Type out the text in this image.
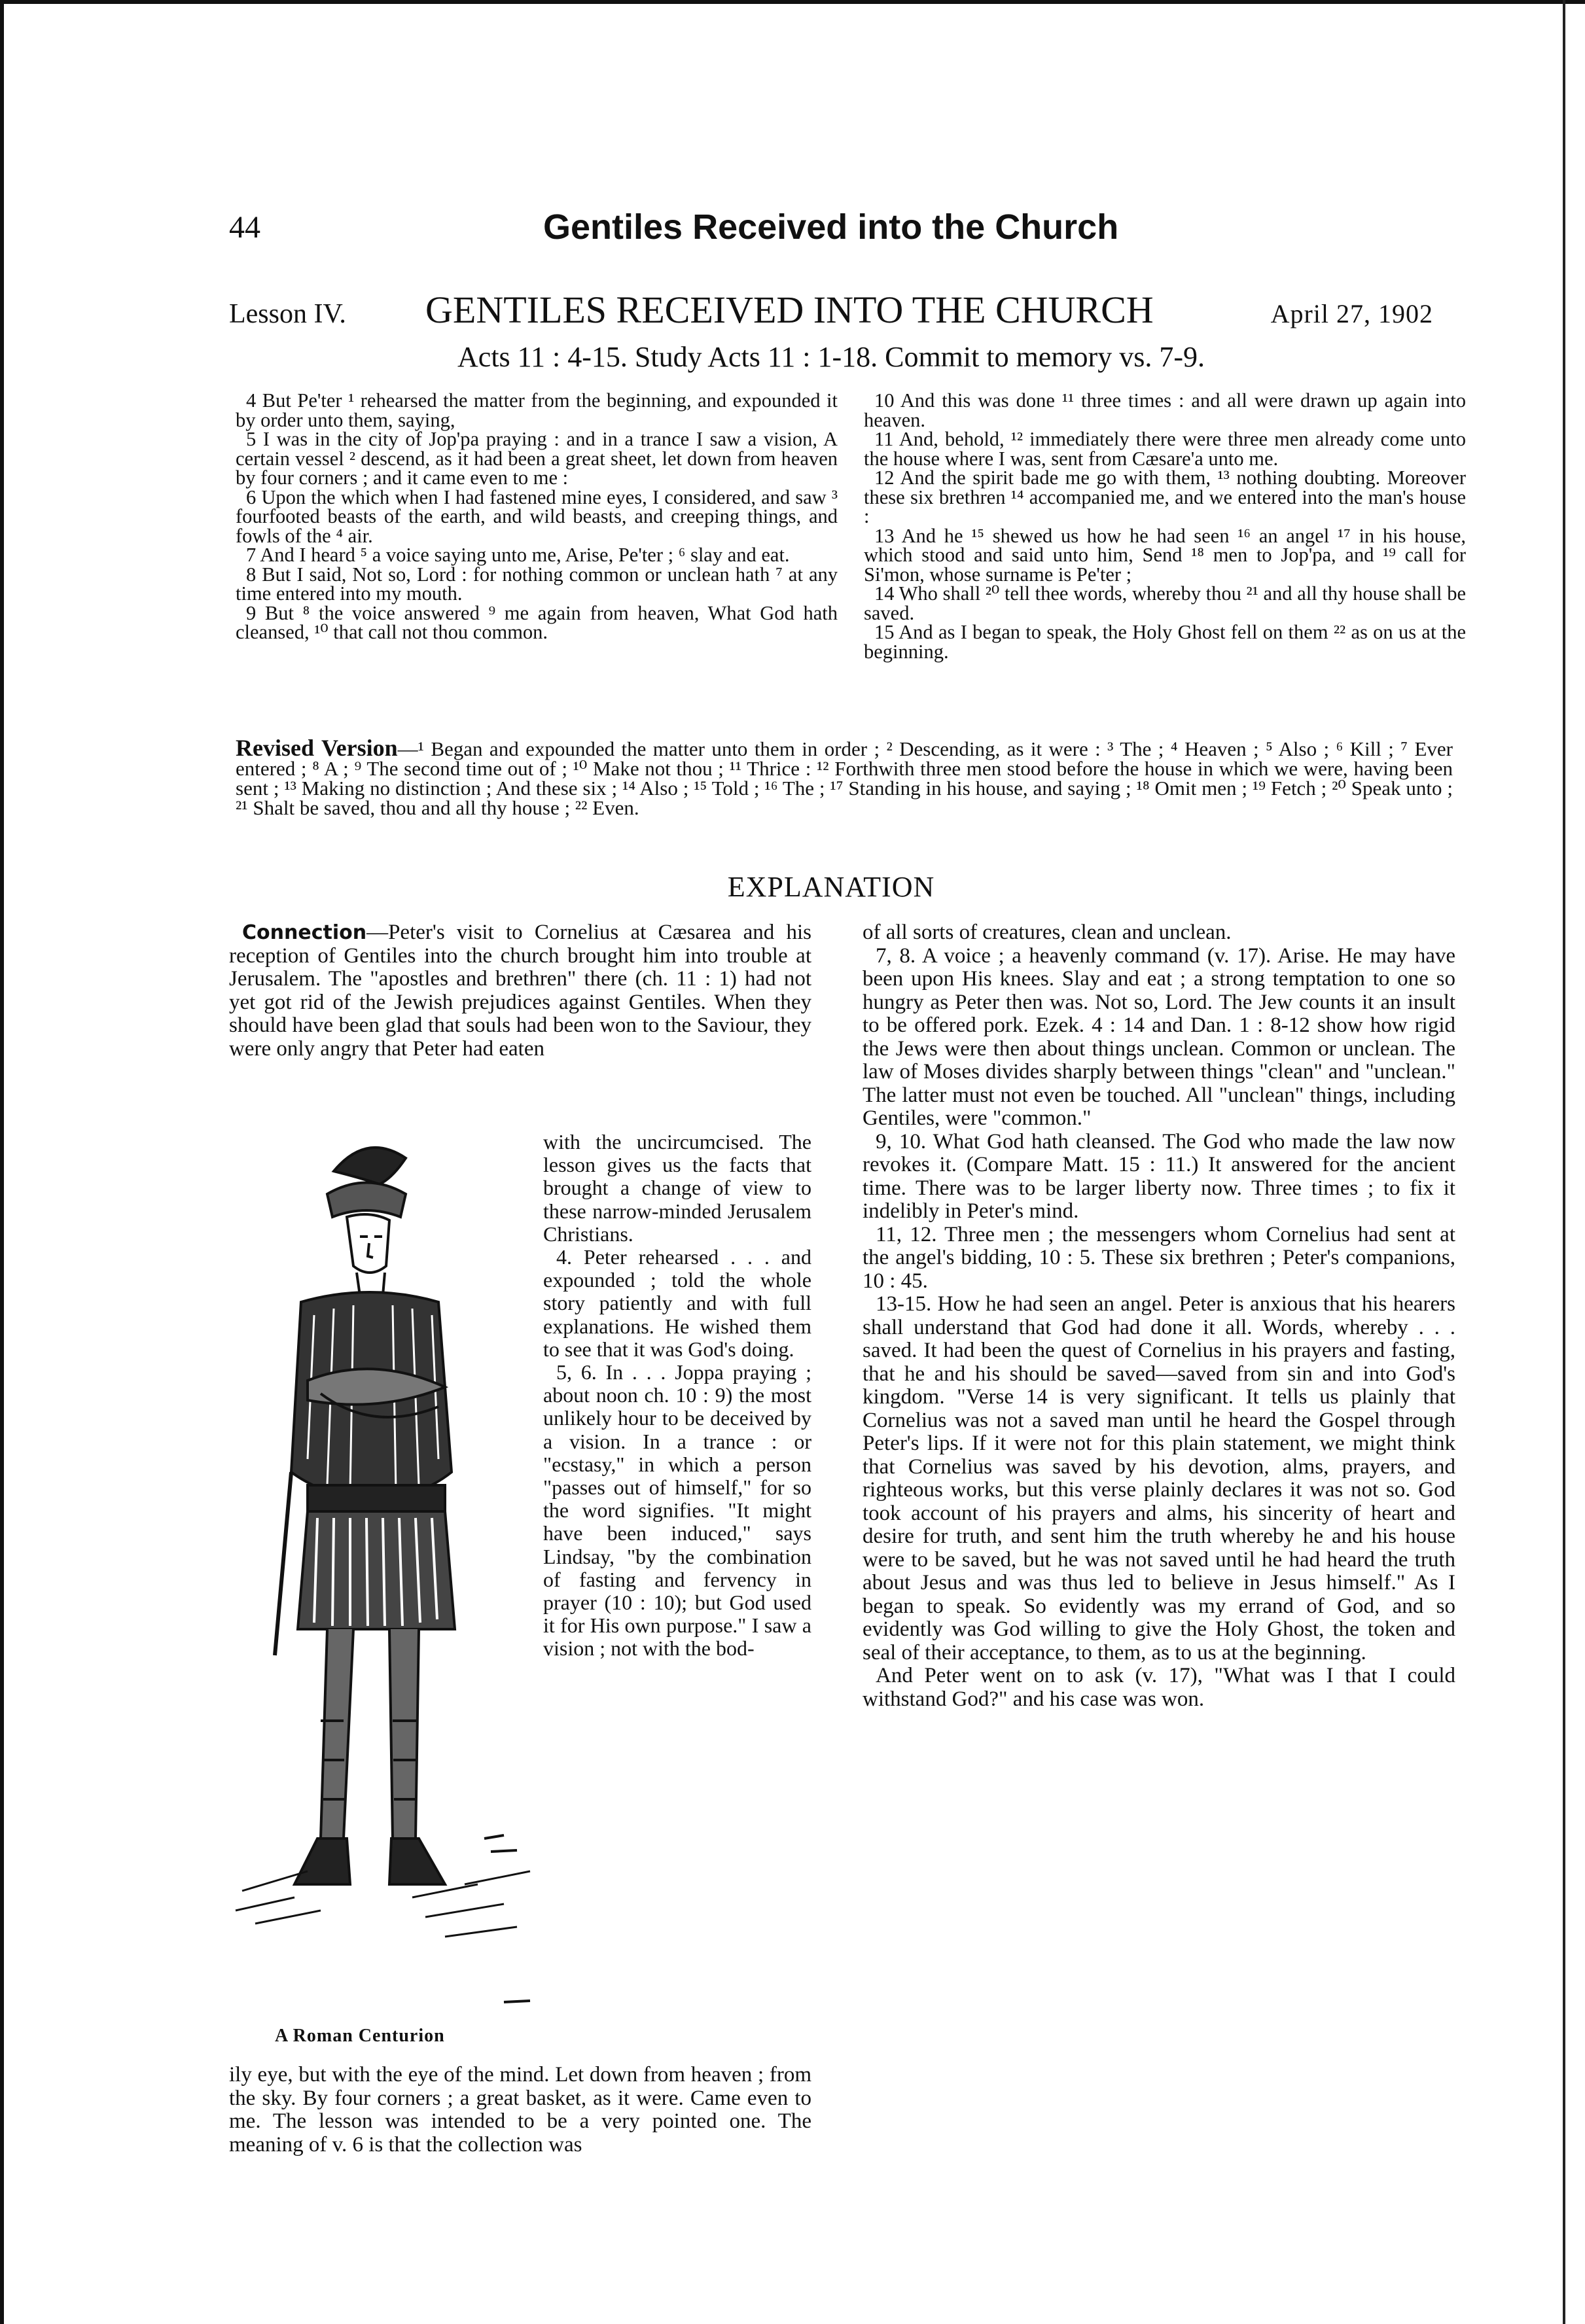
44	Gentiles Received into the Church
Lesson IV. GENTILES RECEIVED INTO THE CHURCH	April 27, 1902
Acts 11 : 4-15. Study Acts 11 : 1-18. Commit to memory vs. 7-9.

4 But Pe'ter ¹ rehearsed the matter from the beginning, and expounded it by order unto them, saying,

5 I was in the city of Jop'pa praying : and in a trance I saw a vision, A certain vessel ² descend, as it had been a great sheet, let down from heaven by four corners ; and it came even to me :

6 Upon the which when I had fastened mine eyes, I considered, and saw ³ fourfooted beasts of the earth, and wild beasts, and creeping things, and fowls of the ⁴ air.

7 And I heard ⁵ a voice saying unto me, Arise, Pe'ter ; ⁶ slay and eat.

8 But I said, Not so, Lord : for nothing common or unclean hath ⁷ at any time entered into my mouth.

9 But ⁸ the voice answered ⁹ me again from heaven, What God hath cleansed, ¹⁰ that call not thou common.

10 And this was done ¹¹ three times : and all were drawn up again into heaven.

11 And, behold, ¹² immediately there were three men already come unto the house where I was, sent from Cæsare'a unto me.

12 And the spirit bade me go with them, ¹³ nothing doubting. Moreover these six brethren ¹⁴ accompanied me, and we entered into the man's house :

13 And he ¹⁵ shewed us how he had seen ¹⁶ an angel ¹⁷ in his house, which stood and said unto him, Send ¹⁸ men to Jop'pa, and ¹⁹ call for Si'mon, whose surname is Pe'ter ;

14 Who shall ²⁰ tell thee words, whereby thou ²¹ and all thy house shall be saved.

15 And as I began to speak, the Holy Ghost fell on them ²² as on us at the beginning.

Revised Version—¹ Began and expounded the matter unto them in order ; ² Descending, as it were : ³ The ; ⁴ Heaven ; ⁵ Also ; ⁶ Kill ; ⁷ Ever entered ; ⁸ A ; ⁹ The second time out of ; ¹⁰ Make not thou ; ¹¹ Thrice : ¹² Forthwith three men stood before the house in which we were, having been sent ; ¹³ Making no distinction ; And these six ; ¹⁴ Also ; ¹⁵ Told ; ¹⁶ The ; ¹⁷ Standing in his house, and saying ; ¹⁸ Omit men ; ¹⁹ Fetch ; ²⁰ Speak unto ; ²¹ Shalt be saved, thou and all thy house ; ²² Even.
EXPLANATION

Connection—Peter's visit to Cornelius at Cæsarea and his reception of Gentiles into the church brought him into trouble at Jerusalem. The "apostles and brethren" there (ch. 11 : 1) had not yet got rid of the Jewish prejudices against Gentiles. When they should have been glad that souls had been won to the Saviour, they were only angry that Peter had eaten

with the uncircumcised. The lesson gives us the facts that brought a change of view to these narrow-minded Jerusalem Christians.

4. Peter rehearsed . . . and expounded ; told the whole story patiently and with full explanations. He wished them to see that it was God's doing.

5, 6. In . . . Joppa praying ; about noon ch. 10 : 9) the most unlikely hour to be deceived by a vision. In a trance : or "ecstasy," in which a person "passes out of himself," for so the word signifies. "It might have been induced," says Lindsay, "by the combination of fasting and fervency in prayer (10 : 10); but God used it for His own purpose." I saw a vision ; not with the bod-

A Roman Centurion

ily eye, but with the eye of the mind. Let down from heaven ; from the sky. By four corners ; a great basket, as it were. Came even to me. The lesson was intended to be a very pointed one. The meaning of v. 6 is that the collection was

of all sorts of creatures, clean and unclean.

7, 8. A voice ; a heavenly command (v. 17). Arise. He may have been upon His knees. Slay and eat ; a strong temptation to one so hungry as Peter then was. Not so, Lord. The Jew counts it an insult to be offered pork. Ezek. 4 : 14 and Dan. 1 : 8-12 show how rigid the Jews were then about things unclean. Common or unclean. The law of Moses divides sharply between things "clean" and "unclean." The latter must not even be touched. All "unclean" things, including Gentiles, were "common."

9, 10. What God hath cleansed. The God who made the law now revokes it. (Compare Matt. 15 : 11.) It answered for the ancient time. There was to be larger liberty now. Three times ; to fix it indelibly in Peter's mind.

11, 12. Three men ; the messengers whom Cornelius had sent at the angel's bidding, 10 : 5. These six brethren ; Peter's companions, 10 : 45.

13-15. How he had seen an angel. Peter is anxious that his hearers shall understand that God had done it all. Words, whereby . . . saved. It had been the quest of Cornelius in his prayers and fasting, that he and his should be saved—saved from sin and into God's kingdom. "Verse 14 is very significant. It tells us plainly that Cornelius was not a saved man until he heard the Gospel through Peter's lips. If it were not for this plain statement, we might think that Cornelius was saved by his devotion, alms, prayers, and righteous works, but this verse plainly declares it was not so. God took account of his prayers and alms, his sincerity of heart and desire for truth, and sent him the truth whereby he and his house were to be saved, but he was not saved until he had heard the truth about Jesus and was thus led to believe in Jesus himself." As I began to speak. So evidently was my errand of God, and so evidently was God willing to give the Holy Ghost, the token and seal of their acceptance, to them, as to us at the beginning.

And Peter went on to ask (v. 17), "What was I that I could withstand God?" and his case was won.
